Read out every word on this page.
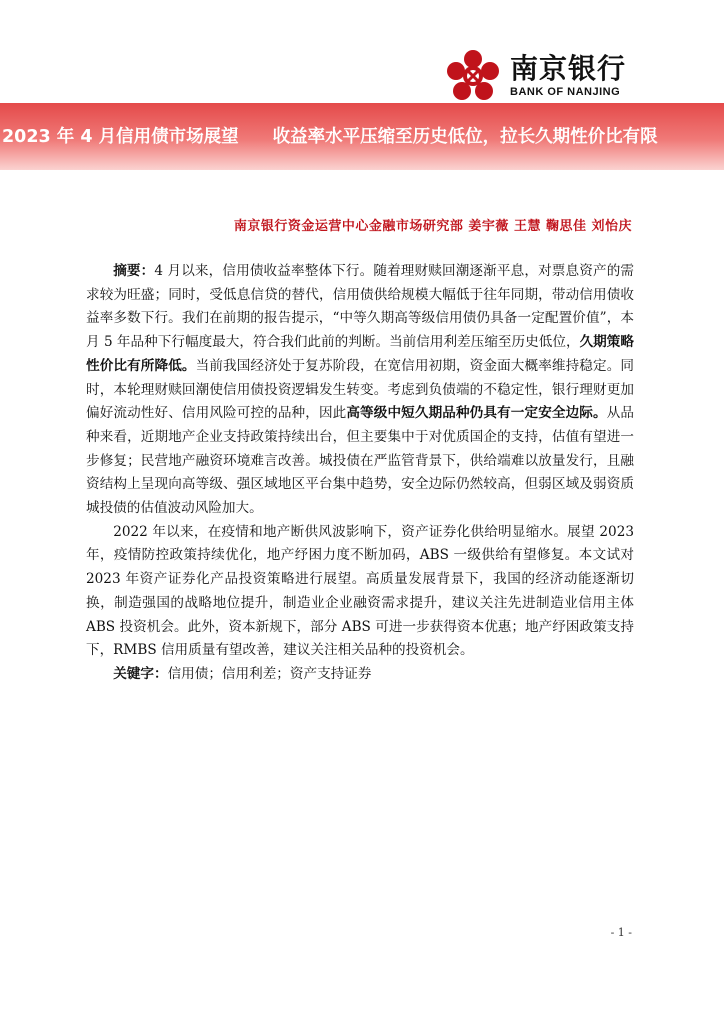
南京银行
BANK OF NANJING
2023 年 4 月信用债市场展望 收益率水平压缩至历史低位，拉长久期性价比有限
南京银行资金运营中心金融市场研究部 姜宇薇 王慧 鞠思佳 刘怡庆

摘要：4 月以来，信用债收益率整体下行。随着理财赎回潮逐渐平息，对票息资产的需求较为旺盛；同时，受低息信贷的替代，信用债供给规模大幅低于往年同期，带动信用债收益率多数下行。我们在前期的报告提示，“中等久期高等级信用债仍具备一定配置价值”，本月 5 年品种下行幅度最大，符合我们此前的判断。当前信用利差压缩至历史低位，久期策略性价比有所降低。当前我国经济处于复苏阶段，在宽信用初期，资金面大概率维持稳定。同时，本轮理财赎回潮使信用债投资逻辑发生转变。考虑到负债端的不稳定性，银行理财更加偏好流动性好、信用风险可控的品种，因此高等级中短久期品种仍具有一定安全边际。从品种来看，近期地产企业支持政策持续出台，但主要集中于对优质国企的支持，估值有望进一步修复；民营地产融资环境难言改善。城投债在严监管背景下，供给端难以放量发行，且融资结构上呈现向高等级、强区域地区平台集中趋势，安全边际仍然较高，但弱区域及弱资质城投债的估值波动风险加大。

2022 年以来，在疫情和地产断供风波影响下，资产证券化供给明显缩水。展望 2023 年，疫情防控政策持续优化，地产纾困力度不断加码，ABS 一级供给有望修复。本文试对 2023 年资产证券化产品投资策略进行展望。高质量发展背景下，我国的经济动能逐渐切换，制造强国的战略地位提升，制造业企业融资需求提升，建议关注先进制造业信用主体 ABS 投资机会。此外，资本新规下，部分 ABS 可进一步获得资本优惠；地产纾困政策支持下，RMBS 信用质量有望改善，建议关注相关品种的投资机会。

关键字：信用债；信用利差；资产支持证券

- 1 -
